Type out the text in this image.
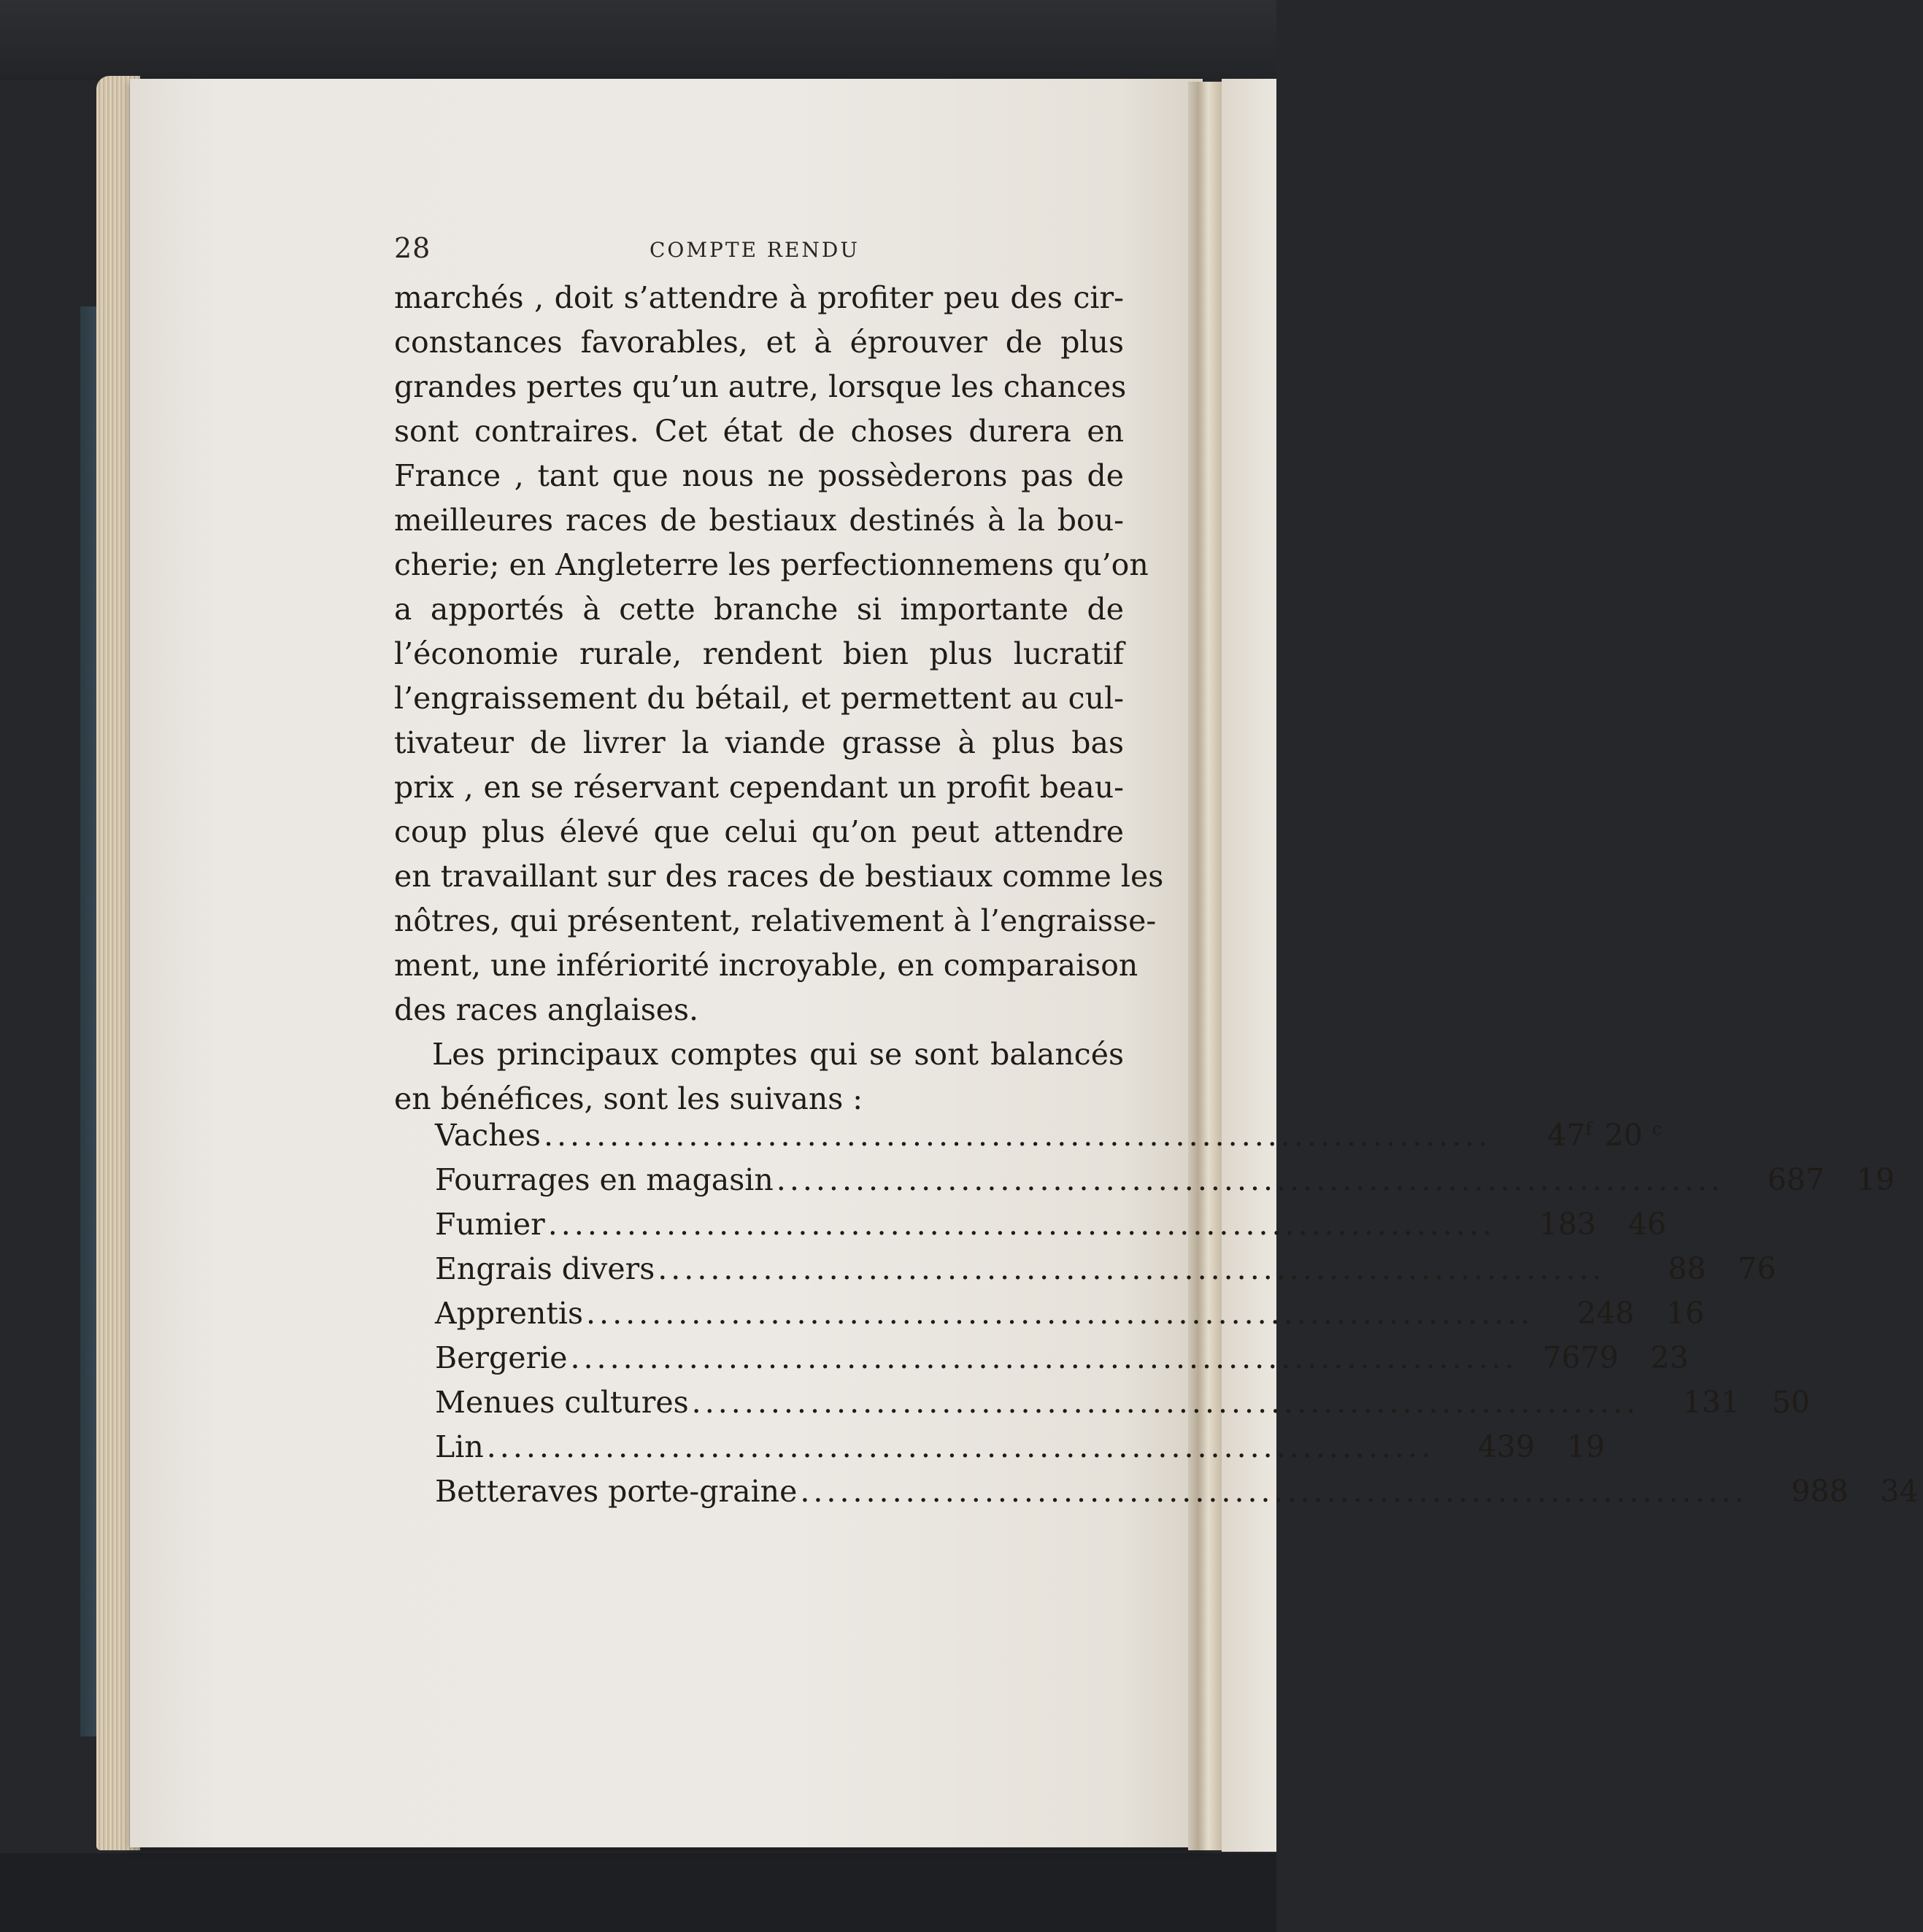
28	COMPTE RENDU
marchés , doit s’attendre à profiter peu des cir-
constances favorables, et à éprouver de plus
grandes pertes qu’un autre, lorsque les chances
sont contraires. Cet état de choses durera en
France , tant que nous ne possèderons pas de
meilleures races de bestiaux destinés à la bou-
cherie; en Angleterre les perfectionnemens qu’on
a apportés à cette branche si importante de
l’économie rurale, rendent bien plus lucratif
l’engraissement du bétail, et permettent au cul-
tivateur de livrer la viande grasse à plus bas
prix , en se réservant cependant un profit beau-
coup plus élevé que celui qu’on peut attendre
en travaillant sur des races de bestiaux comme les
nôtres, qui présentent, relativement à l’engraisse-
ment, une infériorité incroyable, en comparaison
des races anglaises.
Les principaux comptes qui se sont balancés
en bénéfices, sont les suivans :
Vaches ........................................................................	47$^f$ 20 $^c$
Fourrages en magasin ........................................................................	687	19
Fumier ........................................................................	183	46
Engrais divers ........................................................................	88	76
Apprentis ........................................................................	248	16
Bergerie ........................................................................ 7679	23
Menues cultures ........................................................................	131	50
Lin ........................................................................	439	19
Betteraves porte-graine ........................................................................	988	34
